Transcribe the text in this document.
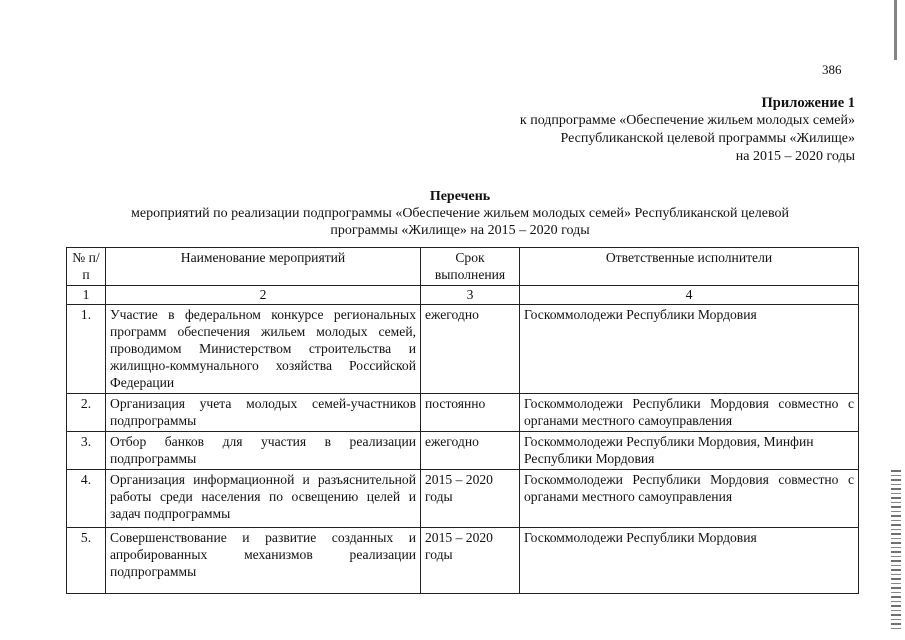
386
Приложение 1
к подпрограмме «Обеспечение жильем молодых семей»
Республиканской целевой программы «Жилище»
на 2015 – 2020 годы
Перечень
мероприятий по реализации подпрограммы «Обеспечение жильем молодых семей» Республиканской целевой
программы «Жилище» на 2015 – 2020 годы
№ п/п	Наименование мероприятий	Срок выполнения	Ответственные исполнители
1	2	3	4
1.	Участие в федеральном конкурсе региональных программ обеспечения жильем молодых семей, проводимом Министерством строительства и жилищно-коммунального хозяйства Российской Федерации	ежегодно	Госкоммолодежи Республики Мордовия
2.	Организация учета молодых семей-участников подпрограммы	постоянно	Госкоммолодежи Республики Мордовия совместно с органами местного самоуправления
3.	Отбор банков для участия в реализации подпрограммы	ежегодно	Госкоммолодежи Республики Мордовия, Минфин Республики Мордовия
4.	Организация информационной и разъяснительной работы среди населения по освещению целей и задач подпрограммы	2015 – 2020 годы	Госкоммолодежи Республики Мордовия совместно с органами местного самоуправления
5.	Совершенствование и развитие созданных и апробированных механизмов реализации подпрограммы	2015 – 2020 годы	Госкоммолодежи Республики Мордовия
